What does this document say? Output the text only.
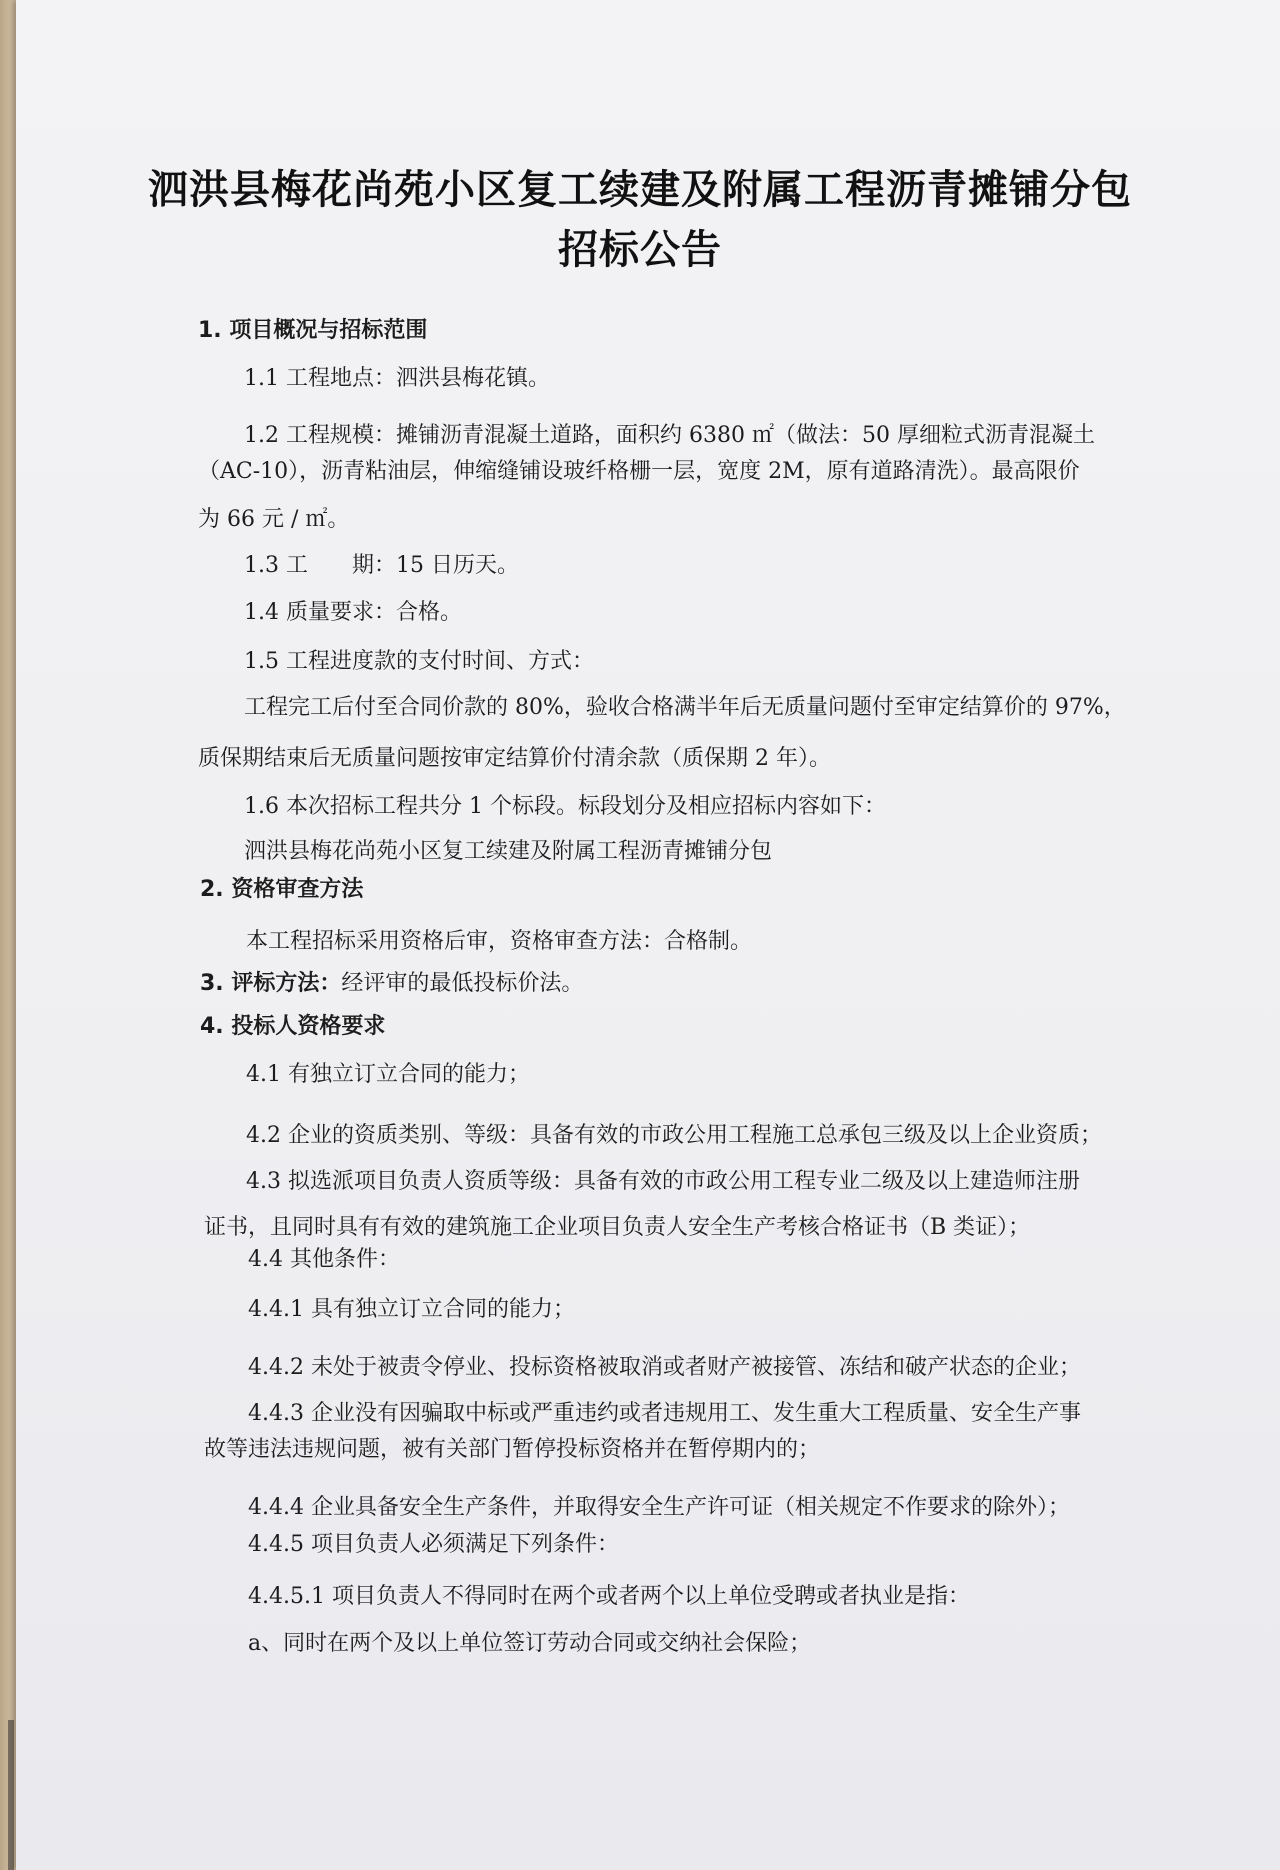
泗洪县梅花尚苑小区复工续建及附属工程沥青摊铺分包
招标公告
1. 项目概况与招标范围
1.1 工程地点：泗洪县梅花镇。
1.2 工程规模：摊铺沥青混凝土道路，面积约 6380 ㎡（做法：50 厚细粒式沥青混凝土
（AC-10），沥青粘油层，伸缩缝铺设玻纤格栅一层，宽度 2M，原有道路清洗）。最高限价
为 66 元 / ㎡。
1.3 工　　期：15 日历天。
1.4 质量要求：合格。
1.5 工程进度款的支付时间、方式：
工程完工后付至合同价款的 80%，验收合格满半年后无质量问题付至审定结算价的 97%，
质保期结束后无质量问题按审定结算价付清余款（质保期 2 年）。
1.6 本次招标工程共分 1 个标段。标段划分及相应招标内容如下：
泗洪县梅花尚苑小区复工续建及附属工程沥青摊铺分包
2. 资格审查方法
本工程招标采用资格后审，资格审查方法：合格制。
3. 评标方法：经评审的最低投标价法。
4. 投标人资格要求
4.1 有独立订立合同的能力；
4.2 企业的资质类别、等级：具备有效的市政公用工程施工总承包三级及以上企业资质；
4.3 拟选派项目负责人资质等级：具备有效的市政公用工程专业二级及以上建造师注册
证书，且同时具有有效的建筑施工企业项目负责人安全生产考核合格证书（B 类证）；
4.4 其他条件：
4.4.1 具有独立订立合同的能力；
4.4.2 未处于被责令停业、投标资格被取消或者财产被接管、冻结和破产状态的企业；
4.4.3 企业没有因骗取中标或严重违约或者违规用工、发生重大工程质量、安全生产事
故等违法违规问题，被有关部门暂停投标资格并在暂停期内的；
4.4.4 企业具备安全生产条件，并取得安全生产许可证（相关规定不作要求的除外）；
4.4.5 项目负责人必须满足下列条件：
4.4.5.1 项目负责人不得同时在两个或者两个以上单位受聘或者执业是指：
a、同时在两个及以上单位签订劳动合同或交纳社会保险；
